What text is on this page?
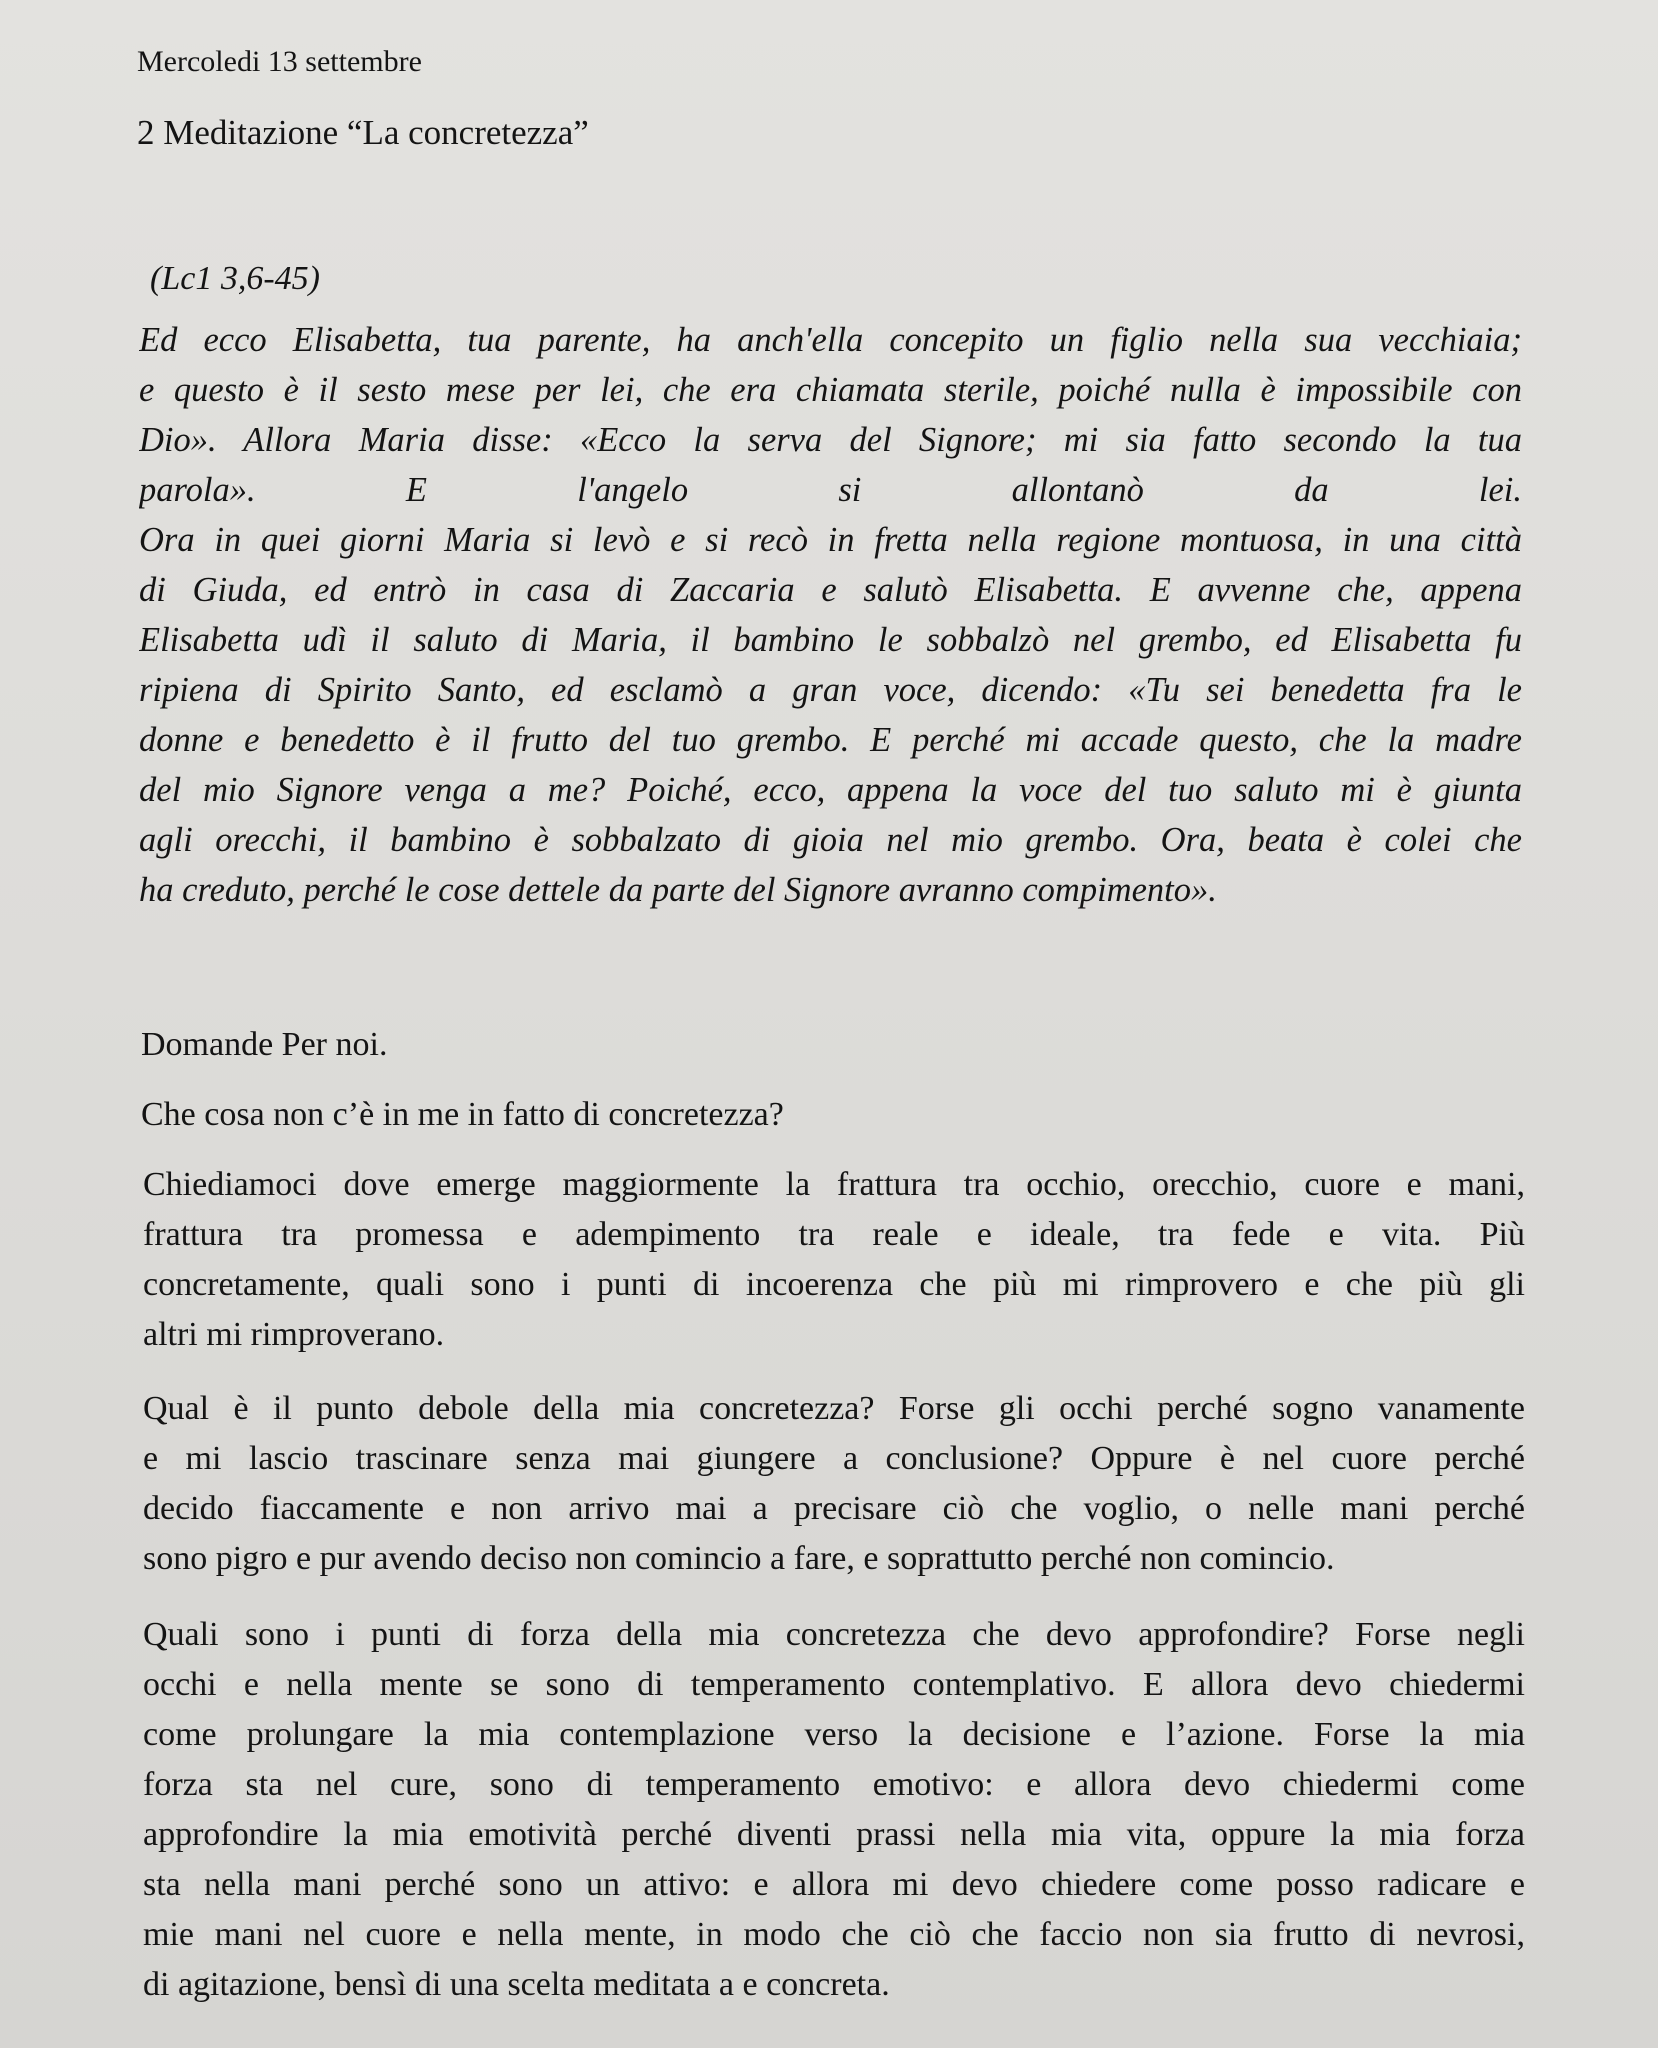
Mercoledi 13 settembre
2 Meditazione “La concretezza”
(Lc1 3,6-45)
Ed ecco Elisabetta, tua parente, ha anch'ella concepito un figlio nella sua vecchiaia;
e questo è il sesto mese per lei, che era chiamata sterile, poiché nulla è impossibile con
Dio». Allora Maria disse: «Ecco la serva del Signore; mi sia fatto secondo la tua
parola». E l'angelo si allontanò da lei.
Ora in quei giorni Maria si levò e si recò in fretta nella regione montuosa, in una città
di Giuda, ed entrò in casa di Zaccaria e salutò Elisabetta. E avvenne che, appena
Elisabetta udì il saluto di Maria, il bambino le sobbalzò nel grembo, ed Elisabetta fu
ripiena di Spirito Santo, ed esclamò a gran voce, dicendo: «Tu sei benedetta fra le
donne e benedetto è il frutto del tuo grembo. E perché mi accade questo, che la madre
del mio Signore venga a me? Poiché, ecco, appena la voce del tuo saluto mi è giunta
agli orecchi, il bambino è sobbalzato di gioia nel mio grembo. Ora, beata è colei che
ha creduto, perché le cose dettele da parte del Signore avranno compimento».
Domande Per noi.
Che cosa non c’è in me in fatto di concretezza?
Chiediamoci dove emerge maggiormente la frattura tra occhio, orecchio, cuore e mani,
frattura tra promessa e adempimento tra reale e ideale, tra fede e vita. Più
concretamente, quali sono i punti di incoerenza che più mi rimprovero e che più gli
altri mi rimproverano.
Qual è il punto debole della mia concretezza? Forse gli occhi perché sogno vanamente
e mi lascio trascinare senza mai giungere a conclusione? Oppure è nel cuore perché
decido fiaccamente e non arrivo mai a precisare ciò che voglio, o nelle mani perché
sono pigro e pur avendo deciso non comincio a fare, e soprattutto perché non comincio.
Quali sono i punti di forza della mia concretezza che devo approfondire? Forse negli
occhi e nella mente se sono di temperamento contemplativo. E allora devo chiedermi
come prolungare la mia contemplazione verso la decisione e l’azione. Forse la mia
forza sta nel cure, sono di temperamento emotivo: e allora devo chiedermi come
approfondire la mia emotività perché diventi prassi nella mia vita, oppure la mia forza
sta nella mani perché sono un attivo: e allora mi devo chiedere come posso radicare e
mie mani nel cuore e nella mente, in modo che ciò che faccio non sia frutto di nevrosi,
di agitazione, bensì di una scelta meditata a e concreta.
